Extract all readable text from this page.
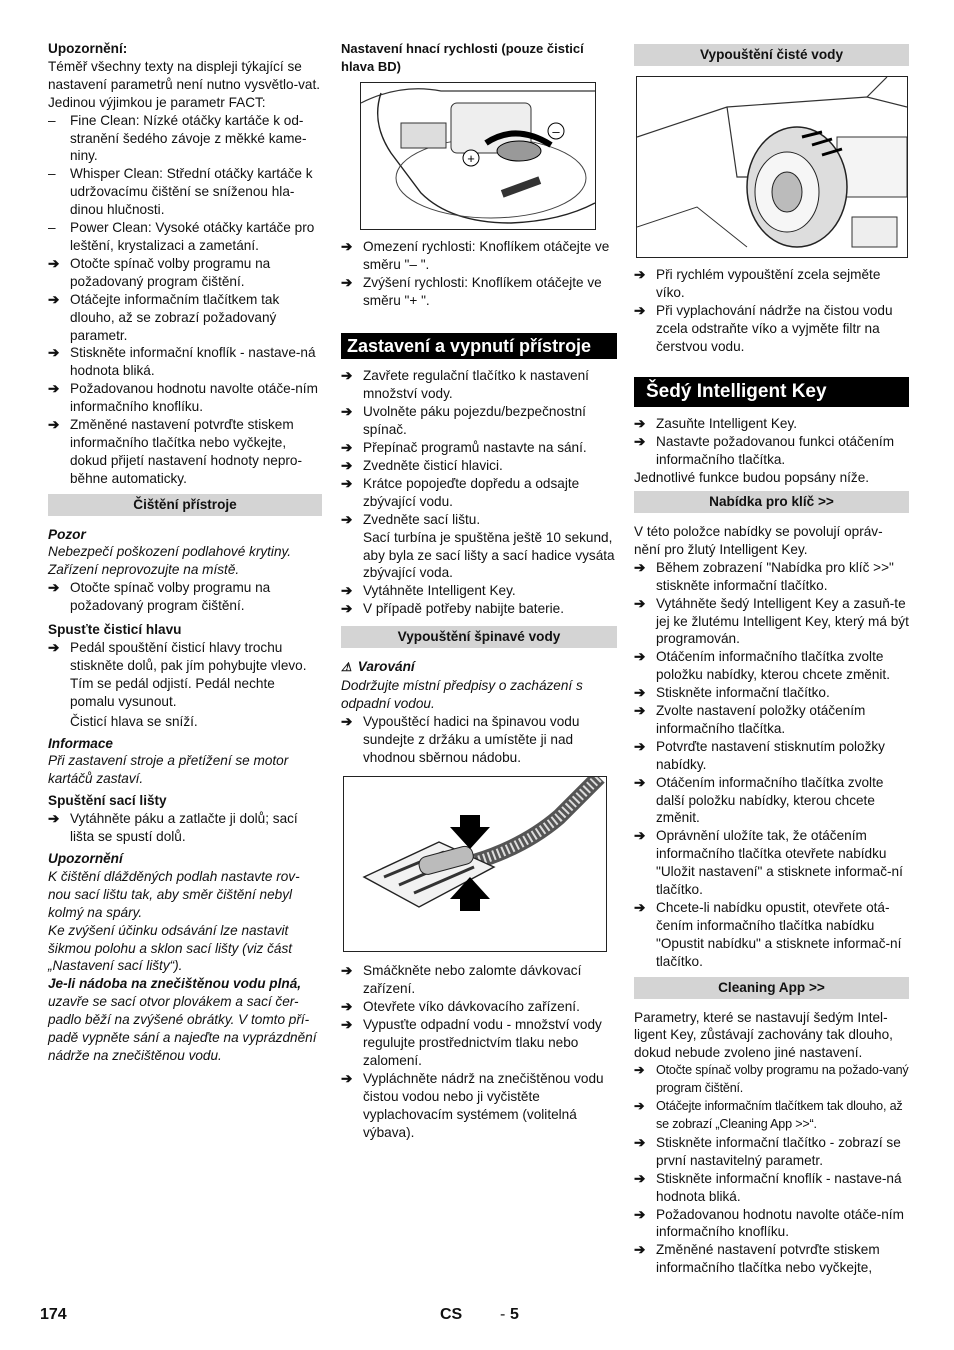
Upozornění:

Téměř všechny texty na displeji týkající se nastavení parametrů není nutno vysvětlo-vat. Jedinou výjimkou je parametr FACT:

–	Fine Clean: Nízké otáčky kartáče k od-stranění šedého závoje z měkké kame-niny.
–	Whisper Clean: Střední otáčky kartáče k udržovacímu čištění se sníženou hla-dinou hlučnosti.
–	Power Clean: Vysoké otáčky kartáče pro leštění, krystalizaci a zametání.
➔ Otočte spínač volby programu na požadovaný program čištění.
➔ Otáčejte informačním tlačítkem tak dlouho, až se zobrazí požadovaný parametr.
➔ Stiskněte informační knoflík - nastave-ná hodnota bliká.
➔ Požadovanou hodnotu navolte otáče-ním informačního knoflíku.
➔ Změněné nastavení potvrďte stiskem informačního tlačítka nebo vyčkejte, dokud přijetí nastavení hodnoty nepro-běhne automaticky.
Čištění přístroje

Pozor

Nebezpečí poškození podlahové krytiny. Zařízení neprovozujte na místě.

➔ Otočte spínač volby programu na požadovaný program čištění.

Spusťte čisticí hlavu

➔ Pedál spouštění čisticí hlavy trochu stiskněte dolů, pak jím pohybujte vlevo. Tím se pedál odjistí. Pedál nechte pomalu vysunout.

Čisticí hlava se sníží.

Informace

Při zastavení stroje a přetížení se motor kartáčů zastaví.

Spuštění sací lišty

➔ Vytáhněte páku a zatlačte ji dolů; sací lišta se spustí dolů.

Upozornění

K čištění dlážděných podlah nastavte rov-nou sací lištu tak, aby směr čištění nebyl kolmý na spáry.

Ke zvýšení účinku odsávání lze nastavit šikmou polohu a sklon sací lišty (viz část „Nastavení sací lišty“).

Je-li nádoba na znečištěnou vodu plná, uzavře se sací otvor plovákem a sací čer-padlo běží na zvýšené obrátky. V tomto pří-padě vypněte sání a najeďte na vyprázdnění nádrže na znečištěnou vodu.

Nastavení hnací rychlosti (pouze čisticí hlava BD)

+
–
➔ Omezení rychlosti: Knoflíkem otáčejte ve směru "– ".
➔ Zvýšení rychlosti: Knoflíkem otáčejte ve směru "+ ".
Zastavení a vypnutí přístroje
➔ Zavřete regulační tlačítko k nastavení množství vody.
➔ Uvolněte páku pojezdu/bezpečnostní spínač.
➔ Přepínač programů nastavte na sání.
➔ Zvedněte čisticí hlavici.
➔ Krátce popojeďte dopředu a odsajte zbývající vodu.
➔ Zvedněte sací lištu.

Sací turbína je spuštěna ještě 10 sekund, aby byla ze sací lišty a sací hadice vysáta zbývající voda.

➔ Vytáhněte Intelligent Key.
➔ V případě potřeby nabijte baterie.
Vypouštění špinavé vody

⚠ Varování

Dodržujte místní předpisy o zacházení s odpadní vodou.

➔ Vypouštěcí hadici na špinavou vodu sundejte z držáku a umístěte ji nad vhodnou sběrnou nádobu.
➔ Smáčkněte nebo zalomte dávkovací zařízení.
➔ Otevřete víko dávkovacího zařízení.
➔ Vypusťte odpadní vodu - množství vody regulujte prostřednictvím tlaku nebo zalomení.
➔ Vypláchněte nádrž na znečištěnou vodu čistou vodou nebo ji vyčistěte vyplachovacím systémem (volitelná výbava).
Vypouštění čisté vody
➔ Při rychlém vypouštění zcela sejměte víko.
➔ Při vyplachování nádrže na čistou vodu zcela odstraňte víko a vyjměte filtr na čerstvou vodu.
Šedý Intelligent Key
➔ Zasuňte Intelligent Key.
➔ Nastavte požadovanou funkci otáčením informačního tlačítka.

Jednotlivé funkce budou popsány níže.

Nabídka pro klíč >>

V této položce nabídky se povolují opráv-nění pro žlutý Intelligent Key.

➔ Během zobrazení "Nabídka pro klíč >>" stiskněte informační tlačítko.
➔ Vytáhněte šedý Intelligent Key a zasuň-te jej ke žlutému Intelligent Key, který má být programován.
➔ Otáčením informačního tlačítka zvolte položku nabídky, kterou chcete změnit.
➔ Stiskněte informační tlačítko.
➔ Zvolte nastavení položky otáčením informačního tlačítka.
➔ Potvrďte nastavení stisknutím položky nabídky.
➔ Otáčením informačního tlačítka zvolte další položku nabídky, kterou chcete změnit.
➔ Oprávnění uložíte tak, že otáčením informačního tlačítka otevřete nabídku "Uložit nastavení" a stisknete informač-ní tlačítko.
➔ Chcete-li nabídku opustit, otevřete otá-čením informačního tlačítka nabídku "Opustit nabídku" a stisknete informač-ní tlačítko.
Cleaning App >>

Parametry, které se nastavují šedým Intel-ligent Key, zůstávají zachovány tak dlouho, dokud nebude zvoleno jiné nastavení.

➔ Otočte spínač volby programu na požado-vaný program čištění.
➔ Otáčejte informačním tlačítkem tak dlouho, až se zobrazí „Cleaning App >>“.
➔ Stiskněte informační tlačítko - zobrazí se první nastavitelný parametr.
➔ Stiskněte informační knoflík - nastave-ná hodnota bliká.
➔ Požadovanou hodnotu navolte otáče-ním informačního knoflíku.
➔ Změněné nastavení potvrďte stiskem informačního tlačítka nebo vyčkejte,
174	CS - 5
